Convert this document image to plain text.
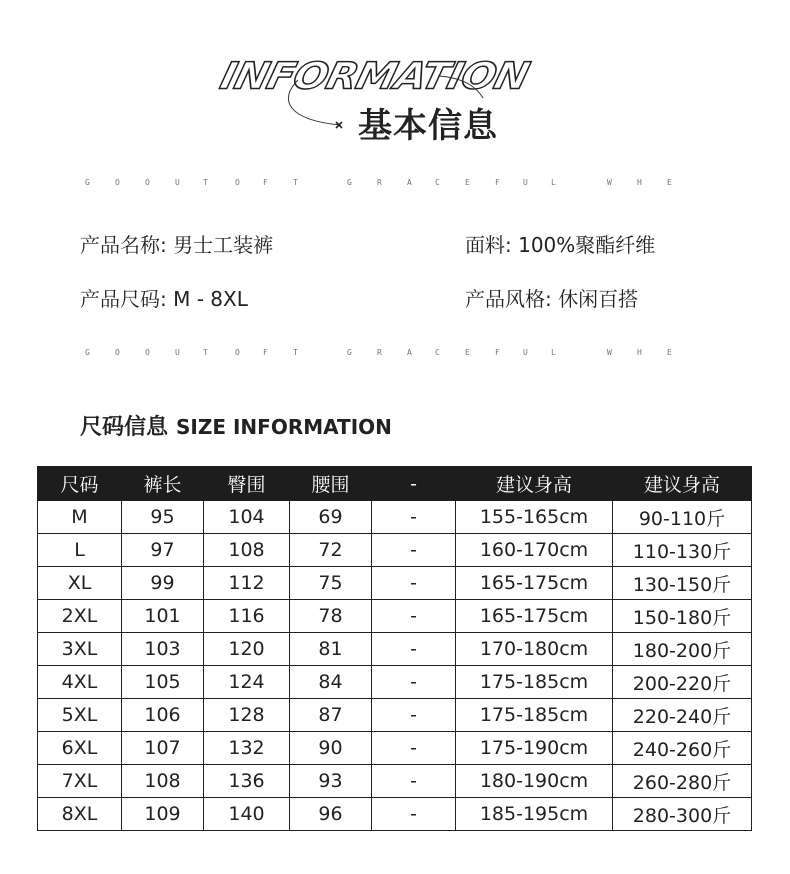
INFORMATION
基本信息
G	O	O	U	T	O	F	T	G	R	A	C	E	F	U	L	W	H	E
产品名称: 男士工装裤	面料: 100%聚酯纤维
产品尺码: M - 8XL	产品风格: 休闲百搭
G	O	O	U	T	O	F	T	G	R	A	C	E	F	U	L	W	H	E
尺码信息 SIZE INFORMATION
尺码	裤长	臀围	腰围	-	建议身高	建议身高
M	95	104	69	-	155-165cm	90-110斤
L	97	108	72	-	160-170cm	110-130斤
XL	99	112	75	-	165-175cm	130-150斤
2XL	101	116	78	-	165-175cm	150-180斤
3XL	103	120	81	-	170-180cm	180-200斤
4XL	105	124	84	-	175-185cm	200-220斤
5XL	106	128	87	-	175-185cm	220-240斤
6XL	107	132	90	-	175-190cm	240-260斤
7XL	108	136	93	-	180-190cm	260-280斤
8XL	109	140	96	-	185-195cm	280-300斤
